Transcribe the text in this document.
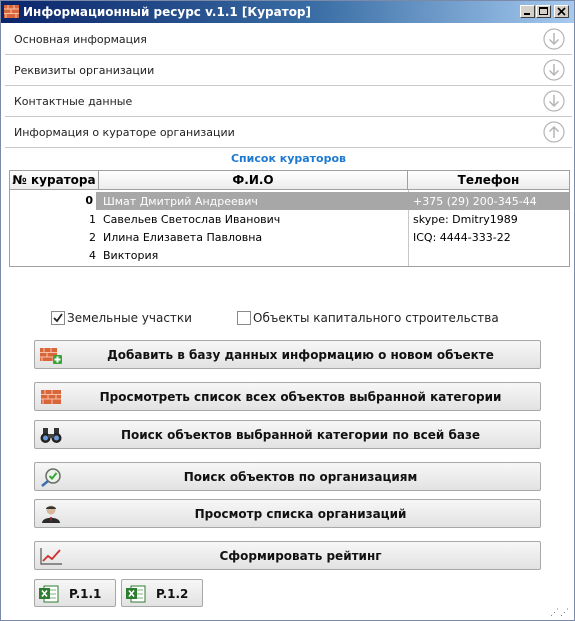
Информационный ресурс v.1.1 [Куратор]
Основная информация
Реквизиты организации
Контактные данные
Информация о кураторе организации
Список кураторов
№ куратора	Ф.И.О	Телефон
0 Шмат Дмитрий Андреевич	+375 (29) 200-345-44
1 Савельев Светослав Иванович	skype: Dmitry1989
2 Илина Елизавета Павловна	ICQ: 4444-333-22
4 Виктория
Земельные участки	Объекты капитального строительства
Добавить в базу данных информацию о новом объекте
Просмотреть список всех объектов выбранной категории
Поиск объектов выбранной категории по всей базе
Поиск объектов по организациям
Просмотр списка организаций
Сформировать рейтинг
P.1.1	P.1.2
⋰⋰
